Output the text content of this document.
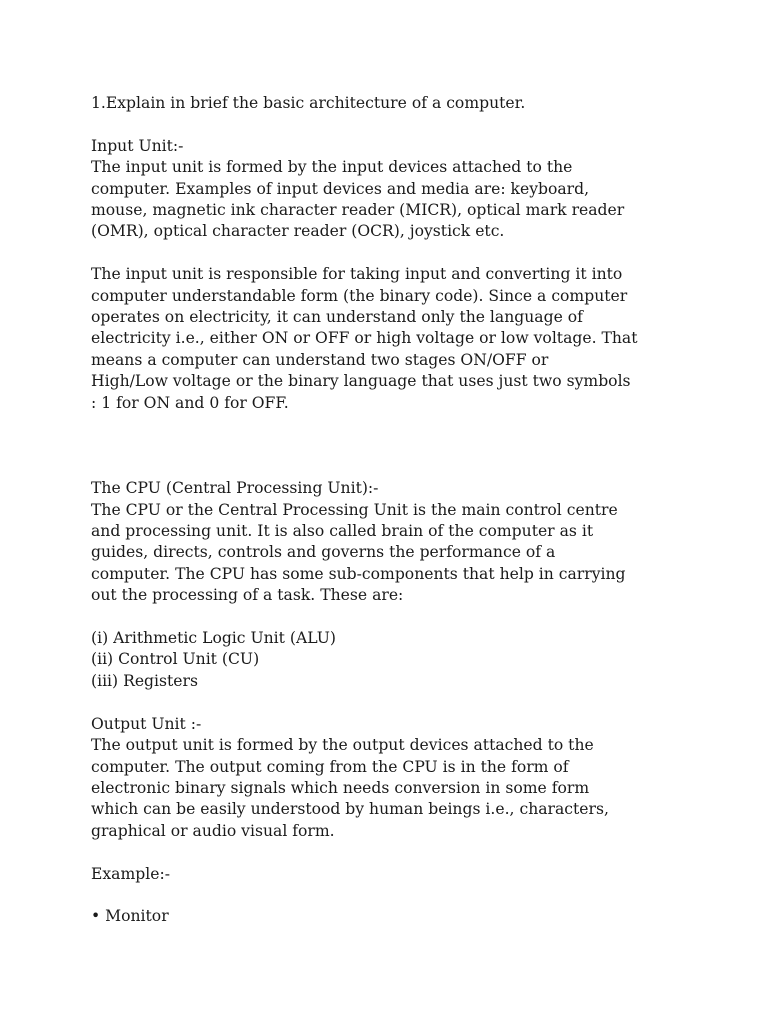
1.Explain in brief the basic architecture of a computer.
Input Unit:-
The input unit is formed by the input devices attached to the
computer. Examples of input devices and media are: keyboard,
mouse, magnetic ink character reader (MICR), optical mark reader
(OMR), optical character reader (OCR), joystick etc.
The input unit is responsible for taking input and converting it into
computer understandable form (the binary code). Since a computer
operates on electricity, it can understand only the language of
electricity i.e., either ON or OFF or high voltage or low voltage. That
means a computer can understand two stages ON/OFF or
High/Low voltage or the binary language that uses just two symbols
: 1 for ON and 0 for OFF.
The CPU (Central Processing Unit):-
The CPU or the Central Processing Unit is the main control centre
and processing unit. It is also called brain of the computer as it
guides, directs, controls and governs the performance of a
computer. The CPU has some sub-components that help in carrying
out the processing of a task. These are:
(i) Arithmetic Logic Unit (ALU)
(ii) Control Unit (CU)
(iii) Registers
Output Unit :-
The output unit is formed by the output devices attached to the
computer. The output coming from the CPU is in the form of
electronic binary signals which needs conversion in some form
which can be easily understood by human beings i.e., characters,
graphical or audio visual form.
Example:-
• Monitor
